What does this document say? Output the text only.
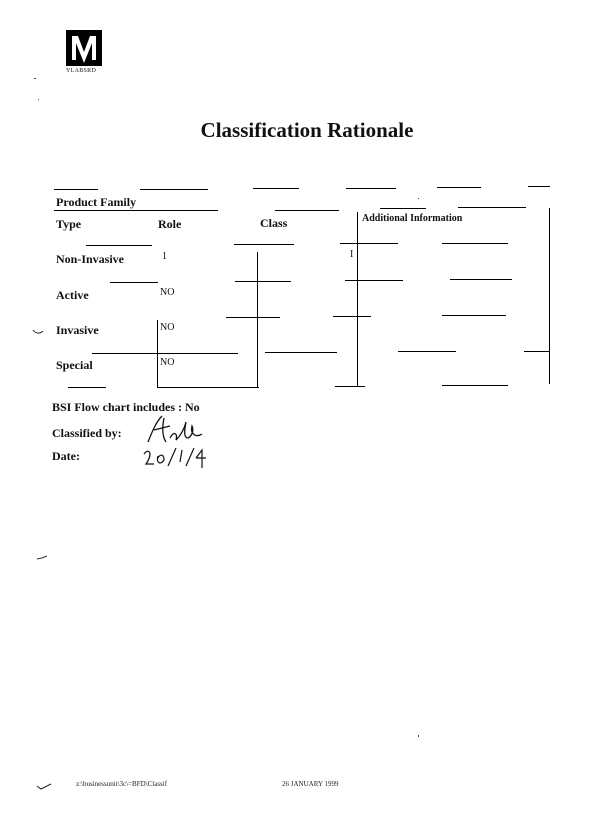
YLABSRD
Classification Rationale
Product Family
Type	Role	Class	Additional Information
Non-Invasive	1	I
Active	NO
Invasive	NO
Special	NO
BSI Flow chart includes : No
Classified by:
Date:
z:\businessunit\3c\=BFD\Classif	26 JANUARY 1999
